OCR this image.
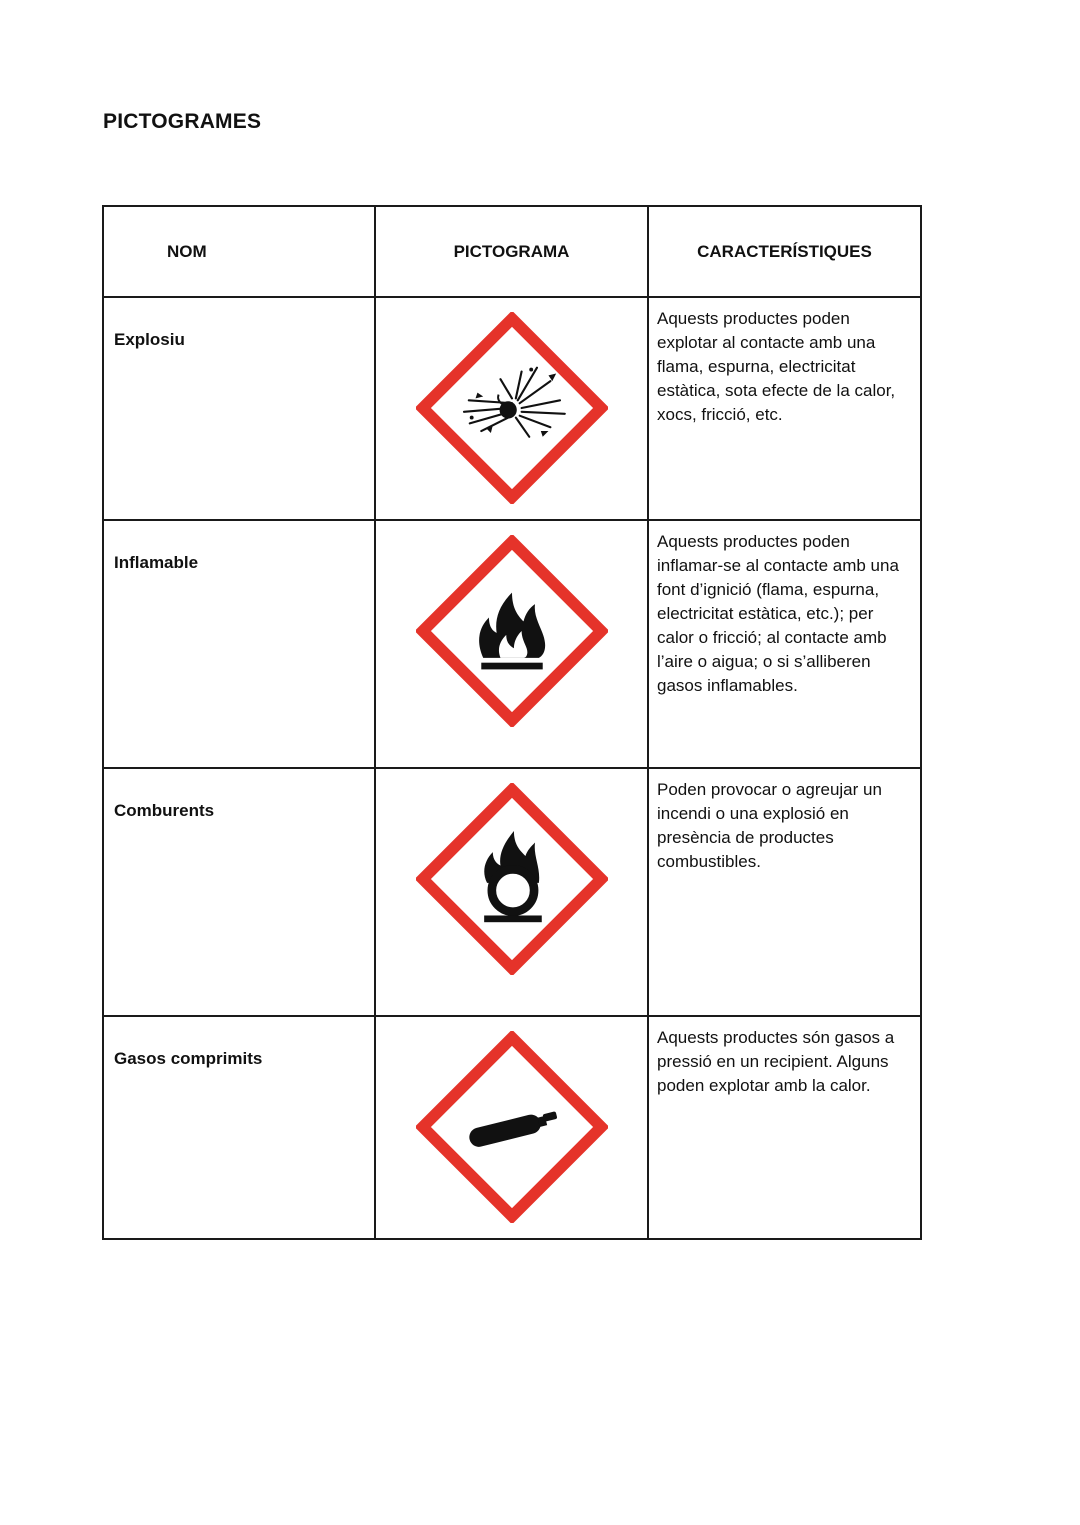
PICTOGRAMES
NOM	PICTOGRAMA	CARACTERÍSTIQUES
Explosiu		Aquests productes poden explotar al contacte amb una flama, espurna, electricitat estàtica, sota efecte de la calor, xocs, fricció, etc.
Inflamable		Aquests productes poden inflamar-se al contacte amb una font d’ignició (flama, espurna, electricitat estàtica, etc.); per calor o fricció; al contacte amb l’aire o aigua; o si s’alliberen gasos inflamables.
Comburents		Poden provocar o agreujar un incendi o una explosió en presència de productes combustibles.
Gasos comprimits		Aquests productes són gasos a pressió en un recipient. Alguns poden explotar amb la calor.
